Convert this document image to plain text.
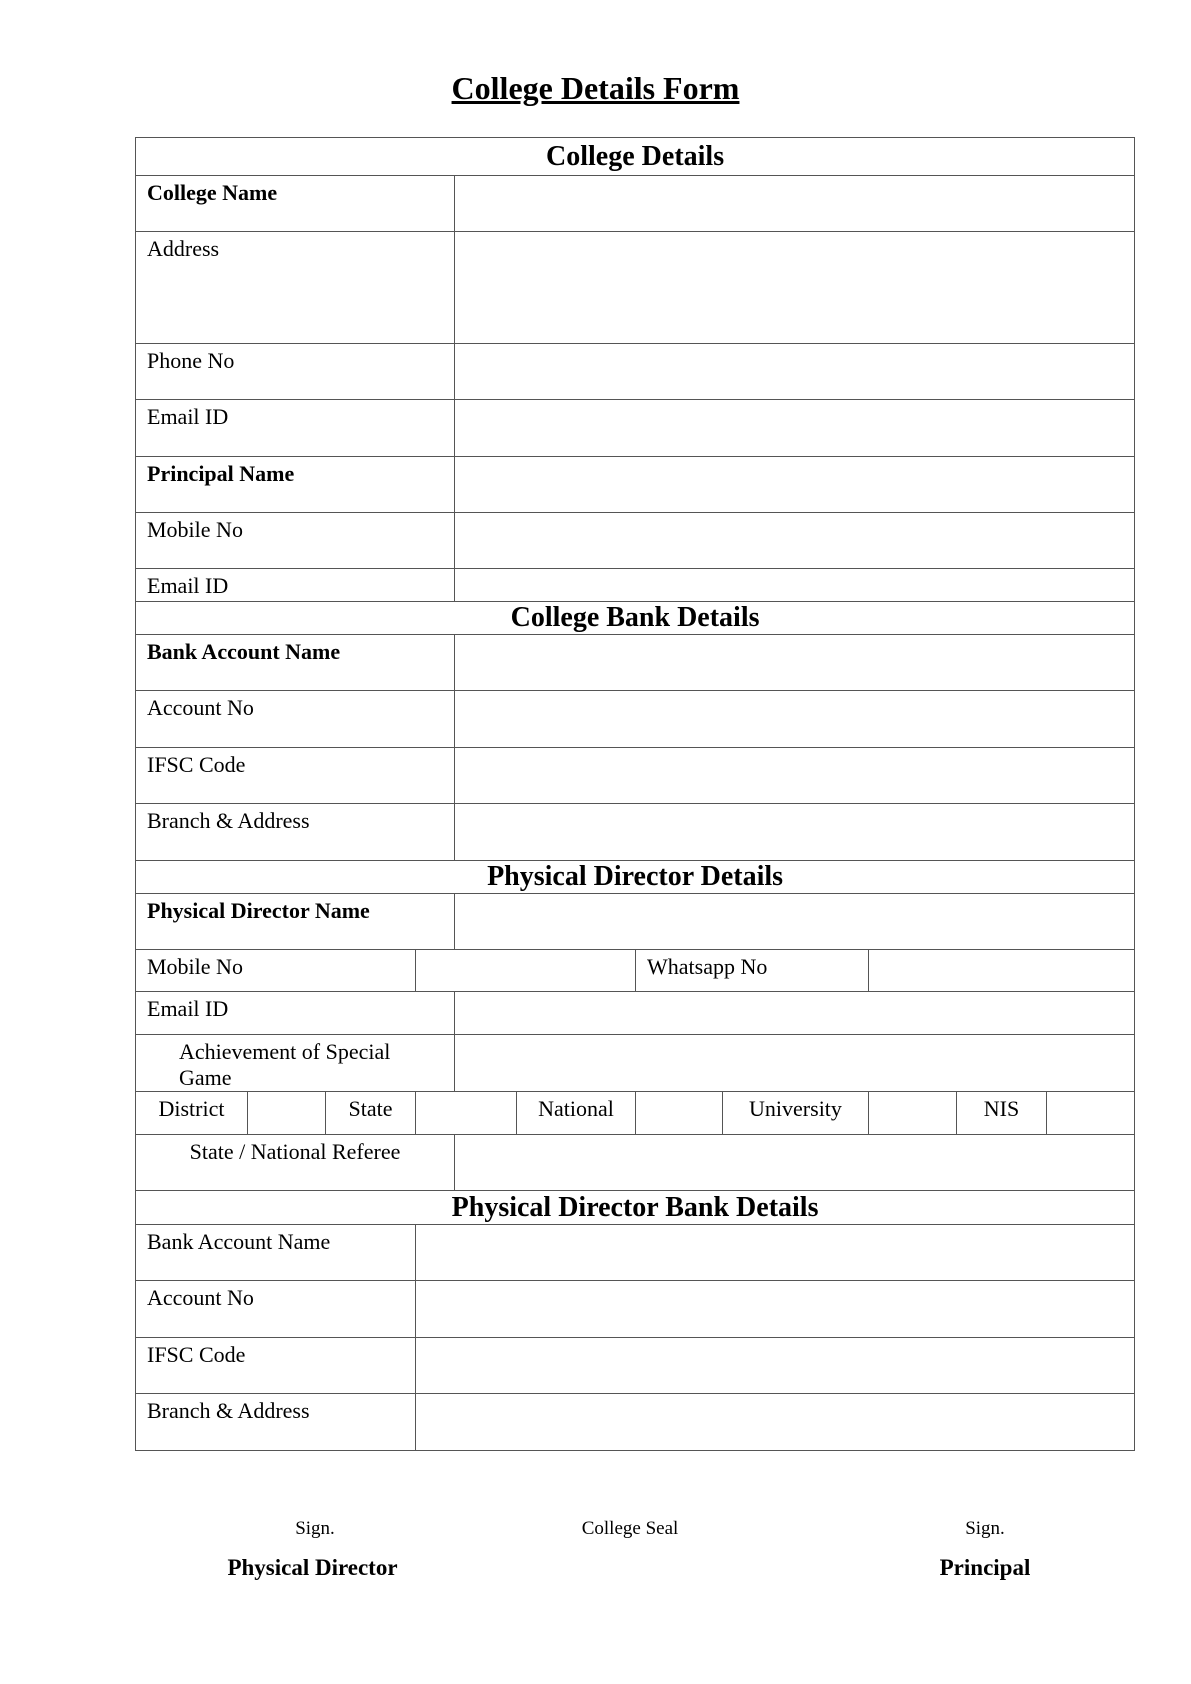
College Details Form
College Details										
College Name										
Address										
Phone No										
Email ID										
Principal Name										
Mobile No										
Email ID										
College Bank Details										
Bank Account Name										
Account No										
IFSC Code										
Branch & Address										
Physical Director Details										
Physical Director Name										
Mobile No						Whatsapp No				
Email ID										
Achievement of Special Game										
District		State			National		University		NIS	
State / National Referee										
Physical Director Bank Details										
Bank Account Name										
Account No										
IFSC Code										
Branch & Address										
Sign.	College Seal	Sign.
Physical Director	Principal
